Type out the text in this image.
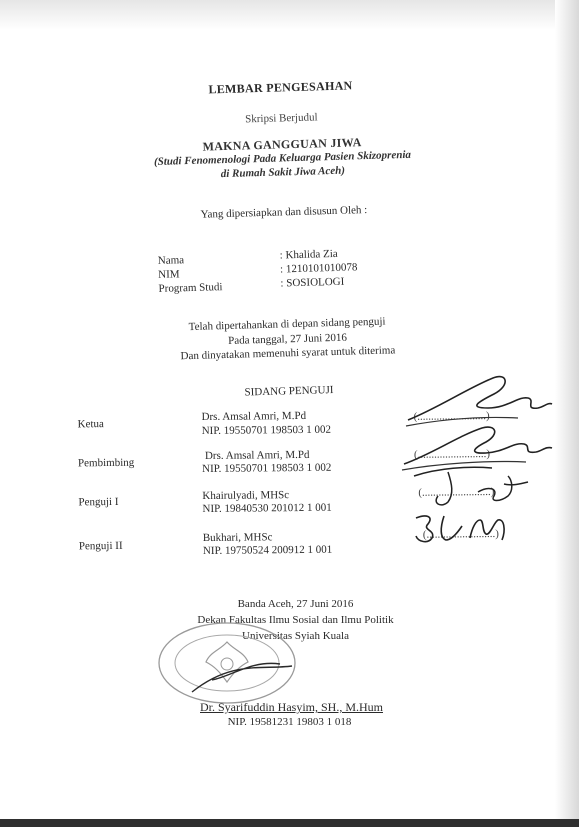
LEMBAR PENGESAHAN
Skripsi Berjudul
MAKNA GANGGUAN JIWA
(Studi Fenomenologi Pada Keluarga Pasien Skizoprenia
di Rumah Sakit Jiwa Aceh)
Yang dipersiapkan dan disusun Oleh :
Nama	: Khalida Zia
NIM	: 1210101010078
Program Studi	: SOSIOLOGI
Telah dipertahankan di depan sidang penguji
Pada tanggal, 27 Juni 2016
Dan dinyatakan memenuhi syarat untuk diterima
SIDANG PENGUJI
Ketua
Drs. Amsal Amri, M.Pd
NIP. 19550701 198503 1 002
(.........................)
Pembimbing
Drs. Amsal Amri, M.Pd
NIP. 19550701 198503 1 002
(.........................)
Penguji I
Khairulyadi, MHSc
NIP. 19840530 201012 1 001
(.........................)
Penguji II
Bukhari, MHSc
NIP. 19750524 200912 1 001
(.........................)
Banda Aceh, 27 Juni 2016
Dekan Fakultas Ilmu Sosial dan Ilmu Politik
Universitas Syiah Kuala
Dr. Syarifuddin Hasyim, SH., M.Hum
NIP. 19581231 19803 1 018
